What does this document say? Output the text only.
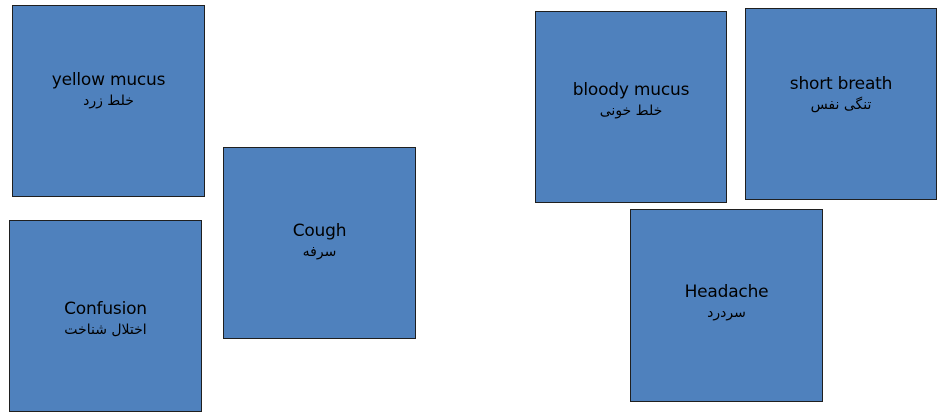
yellow mucus
خلط زرد
Confusion
اختلال شناخت
Cough
سرفه
bloody mucus
خلط خونی
short breath
تنگی نفس
Headache
سردرد
